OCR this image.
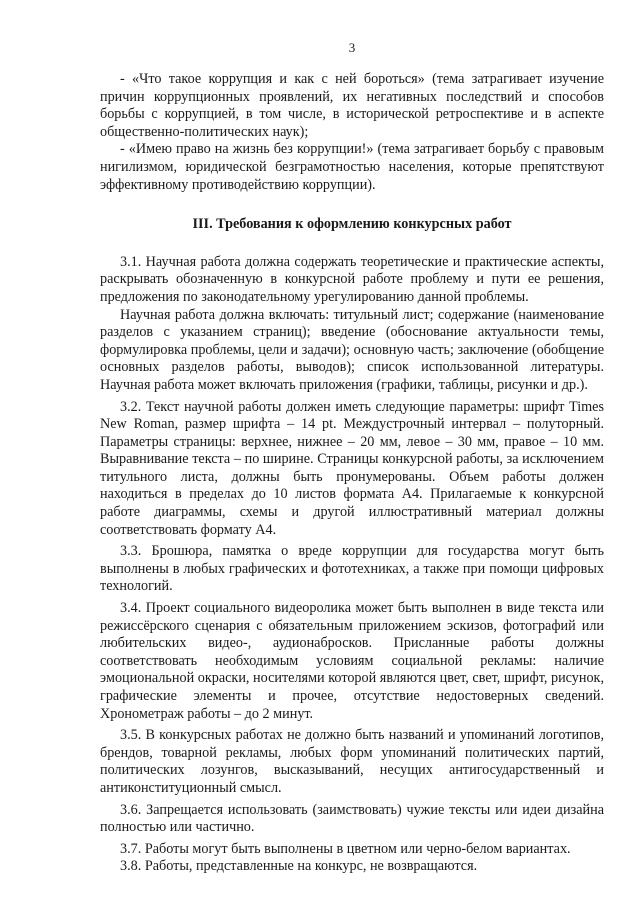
3

- «Что такое коррупция и как с ней бороться» (тема затрагивает изучение причин коррупционных проявлений, их негативных последствий и способов борьбы с коррупцией, в том числе, в исторической ретроспективе и в аспекте общественно-политических наук);

- «Имею право на жизнь без коррупции!» (тема затрагивает борьбу с правовым нигилизмом, юридической безграмотностью населения, которые препятствуют эффективному противодействию коррупции).

III. Требования к оформлению конкурсных работ

3.1. Научная работа должна содержать теоретические и практические аспекты, раскрывать обозначенную в конкурсной работе проблему и пути ее решения, предложения по законодательному урегулированию данной проблемы.

Научная работа должна включать: титульный лист; содержание (наименование разделов с указанием страниц); введение (обоснование актуальности темы, формулировка проблемы, цели и задачи); основную часть; заключение (обобщение основных разделов работы, выводов); список использованной литературы. Научная работа может включать приложения (графики, таблицы, рисунки и др.).

3.2. Текст научной работы должен иметь следующие параметры: шрифт Times New Roman, размер шрифта – 14 pt. Междустрочный интервал – полуторный. Параметры страницы: верхнее, нижнее – 20 мм, левое – 30 мм, правое – 10 мм. Выравнивание текста – по ширине. Страницы конкурсной работы, за исключением титульного листа, должны быть пронумерованы. Объем работы должен находиться в пределах до 10 листов формата А4. Прилагаемые к конкурсной работе диаграммы, схемы и другой иллюстративный материал должны соответствовать формату А4.

3.3. Брошюра, памятка о вреде коррупции для государства могут быть выполнены в любых графических и фототехниках, а также при помощи цифровых технологий.

3.4. Проект социального видеоролика может быть выполнен в виде текста или режиссёрского сценария с обязательным приложением эскизов, фотографий или любительских видео-, аудионабросков. Присланные работы должны соответствовать необходимым условиям социальной рекламы: наличие эмоциональной окраски, носителями которой являются цвет, свет, шрифт, рисунок, графические элементы и прочее, отсутствие недостоверных сведений. Хронометраж работы – до 2 минут.

3.5. В конкурсных работах не должно быть названий и упоминаний логотипов, брендов, товарной рекламы, любых форм упоминаний политических партий, политических лозунгов, высказываний, несущих антигосударственный и антиконституционный смысл.

3.6. Запрещается использовать (заимствовать) чужие тексты или идеи дизайна полностью или частично.

3.7. Работы могут быть выполнены в цветном или черно-белом вариантах.

3.8. Работы, представленные на конкурс, не возвращаются.
